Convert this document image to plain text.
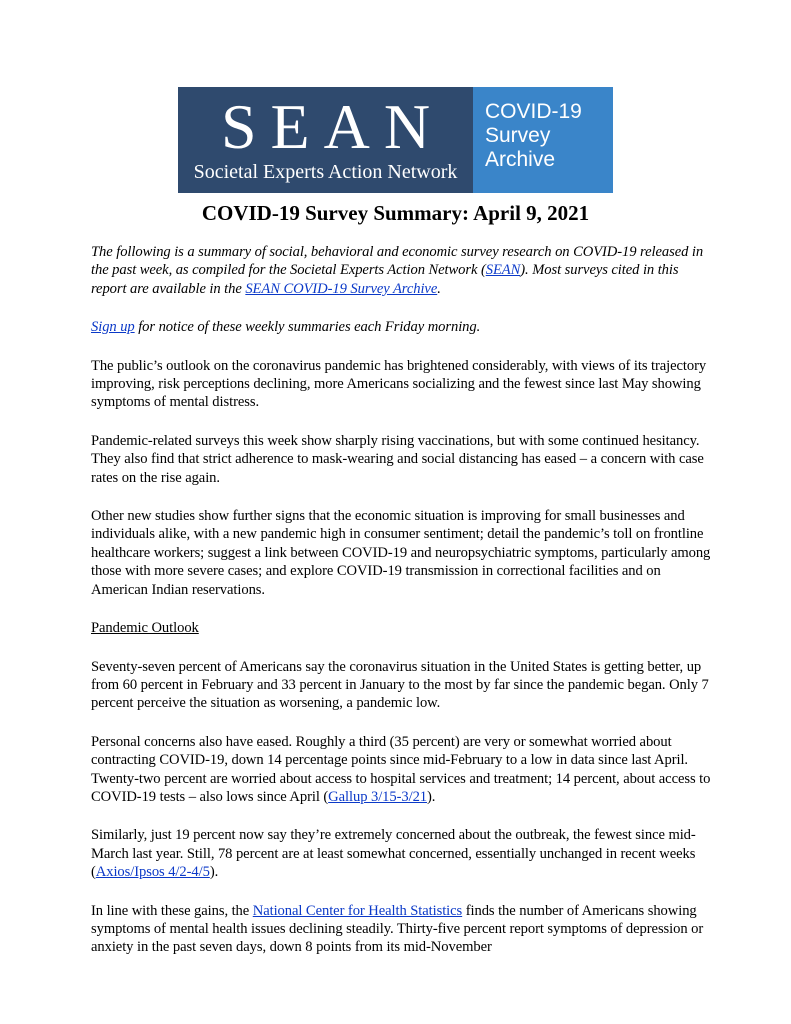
SEAN
Societal Experts Action Network
COVID-19
Survey
Archive
COVID-19 Survey Summary: April 9, 2021

The following is a summary of social, behavioral and economic survey research on COVID-19 released in the past week, as compiled for the Societal Experts Action Network (SEAN). Most surveys cited in this report are available in the SEAN COVID-19 Survey Archive.

Sign up for notice of these weekly summaries each Friday morning.

The public’s outlook on the coronavirus pandemic has brightened considerably, with views of its trajectory improving, risk perceptions declining, more Americans socializing and the fewest since last May showing symptoms of mental distress.

Pandemic-related surveys this week show sharply rising vaccinations, but with some continued hesitancy. They also find that strict adherence to mask-wearing and social distancing has eased – a concern with case rates on the rise again.

Other new studies show further signs that the economic situation is improving for small businesses and individuals alike, with a new pandemic high in consumer sentiment; detail the pandemic’s toll on frontline healthcare workers; suggest a link between COVID-19 and neuropsychiatric symptoms, particularly among those with more severe cases; and explore COVID-19 transmission in correctional facilities and on American Indian reservations.

Pandemic Outlook

Seventy-seven percent of Americans say the coronavirus situation in the United States is getting better, up from 60 percent in February and 33 percent in January to the most by far since the pandemic began. Only 7 percent perceive the situation as worsening, a pandemic low.

Personal concerns also have eased. Roughly a third (35 percent) are very or somewhat worried about contracting COVID-19, down 14 percentage points since mid-February to a low in data since last April. Twenty-two percent are worried about access to hospital services and treatment; 14 percent, about access to COVID-19 tests – also lows since April (Gallup 3/15-3/21).

Similarly, just 19 percent now say they’re extremely concerned about the outbreak, the fewest since mid-March last year. Still, 78 percent are at least somewhat concerned, essentially unchanged in recent weeks (Axios/Ipsos 4/2-4/5).

In line with these gains, the National Center for Health Statistics finds the number of Americans showing symptoms of mental health issues declining steadily. Thirty-five percent report symptoms of depression or anxiety in the past seven days, down 8 points from its mid-November
